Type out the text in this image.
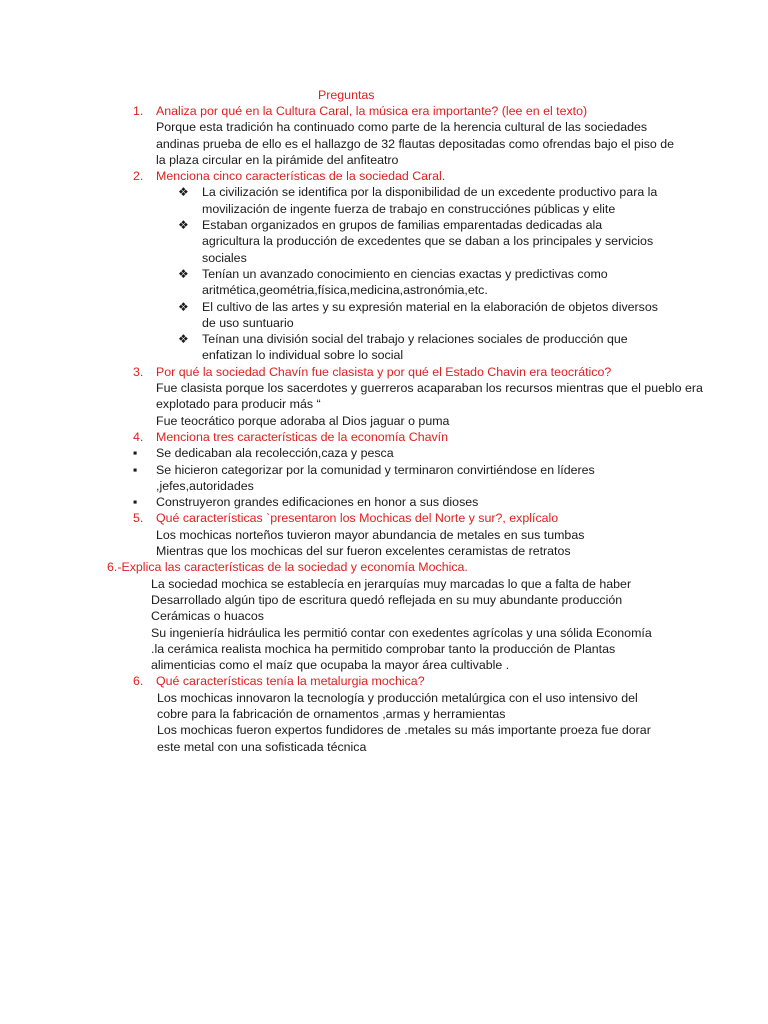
Preguntas
1. Analiza por qué en la Cultura Caral, la música era importante? (lee en el texto)
Porque esta tradición ha continuado como parte de la herencia cultural de las sociedades andinas prueba de ello es el hallazgo de 32 flautas depositadas como ofrendas bajo el piso de la plaza circular en la pirámide del anfiteatro
2. Menciona cinco características de la sociedad Caral.
❖ La civilización se identifica por la disponibilidad de un excedente productivo para la movilización de ingente fuerza de trabajo en construcciónes públicas y elite
❖ Estaban organizados en grupos de familias emparentadas dedicadas ala agricultura la producción de excedentes que se daban a los principales y servicios sociales
❖ Tenían un avanzado conocimiento en ciencias exactas y predictivas como aritmética,geométria,física,medicina,astronómia,etc.
❖ El cultivo de las artes y su expresión material en la elaboración de objetos diversos de uso suntuario
❖ Teínan una división social del trabajo y relaciones sociales de producción que enfatizan lo individual sobre lo social
3. Por qué la sociedad Chavín fue clasista y por qué el Estado Chavin era teocrático?
Fue clasista porque los sacerdotes y guerreros acaparaban los recursos mientras que el pueblo era explotado para producir más “
Fue teocrático porque adoraba al Dios jaguar o puma
4. Menciona tres características de la economía Chavín
▪ Se dedicaban ala recolección,caza y pesca
▪ Se hicieron categorizar por la comunidad y terminaron convirtiéndose en líderes ,jefes,autoridades
▪ Construyeron grandes edificaciones en honor a sus dioses
5. Qué características `presentaron los Mochicas del Norte y sur?, explícalo
Los mochicas norteños tuvieron mayor abundancia de metales en sus tumbas
Mientras que los mochicas del sur fueron excelentes ceramistas de retratos
6.-Explica las características de la sociedad y economía Mochica.
La sociedad mochica se establecía en jerarquías muy marcadas lo que a falta de haber Desarrollado algún tipo de escritura quedó reflejada en su muy abundante producción Cerámicas o huacos
Su ingeniería hidráulica les permitió contar con exedentes agrícolas y una sólida Economía .la cerámica realista mochica ha permitido comprobar tanto la producción de Plantas alimenticias como el maíz que ocupaba la mayor área cultivable .
6. Qué características tenía la metalurgia mochica?
Los mochicas innovaron la tecnología y producción metalúrgica con el uso intensivo del cobre para la fabricación de ornamentos ,armas y herramientas
Los mochicas fueron expertos fundidores de .metales su más importante proeza fue dorar este metal con una sofisticada técnica
